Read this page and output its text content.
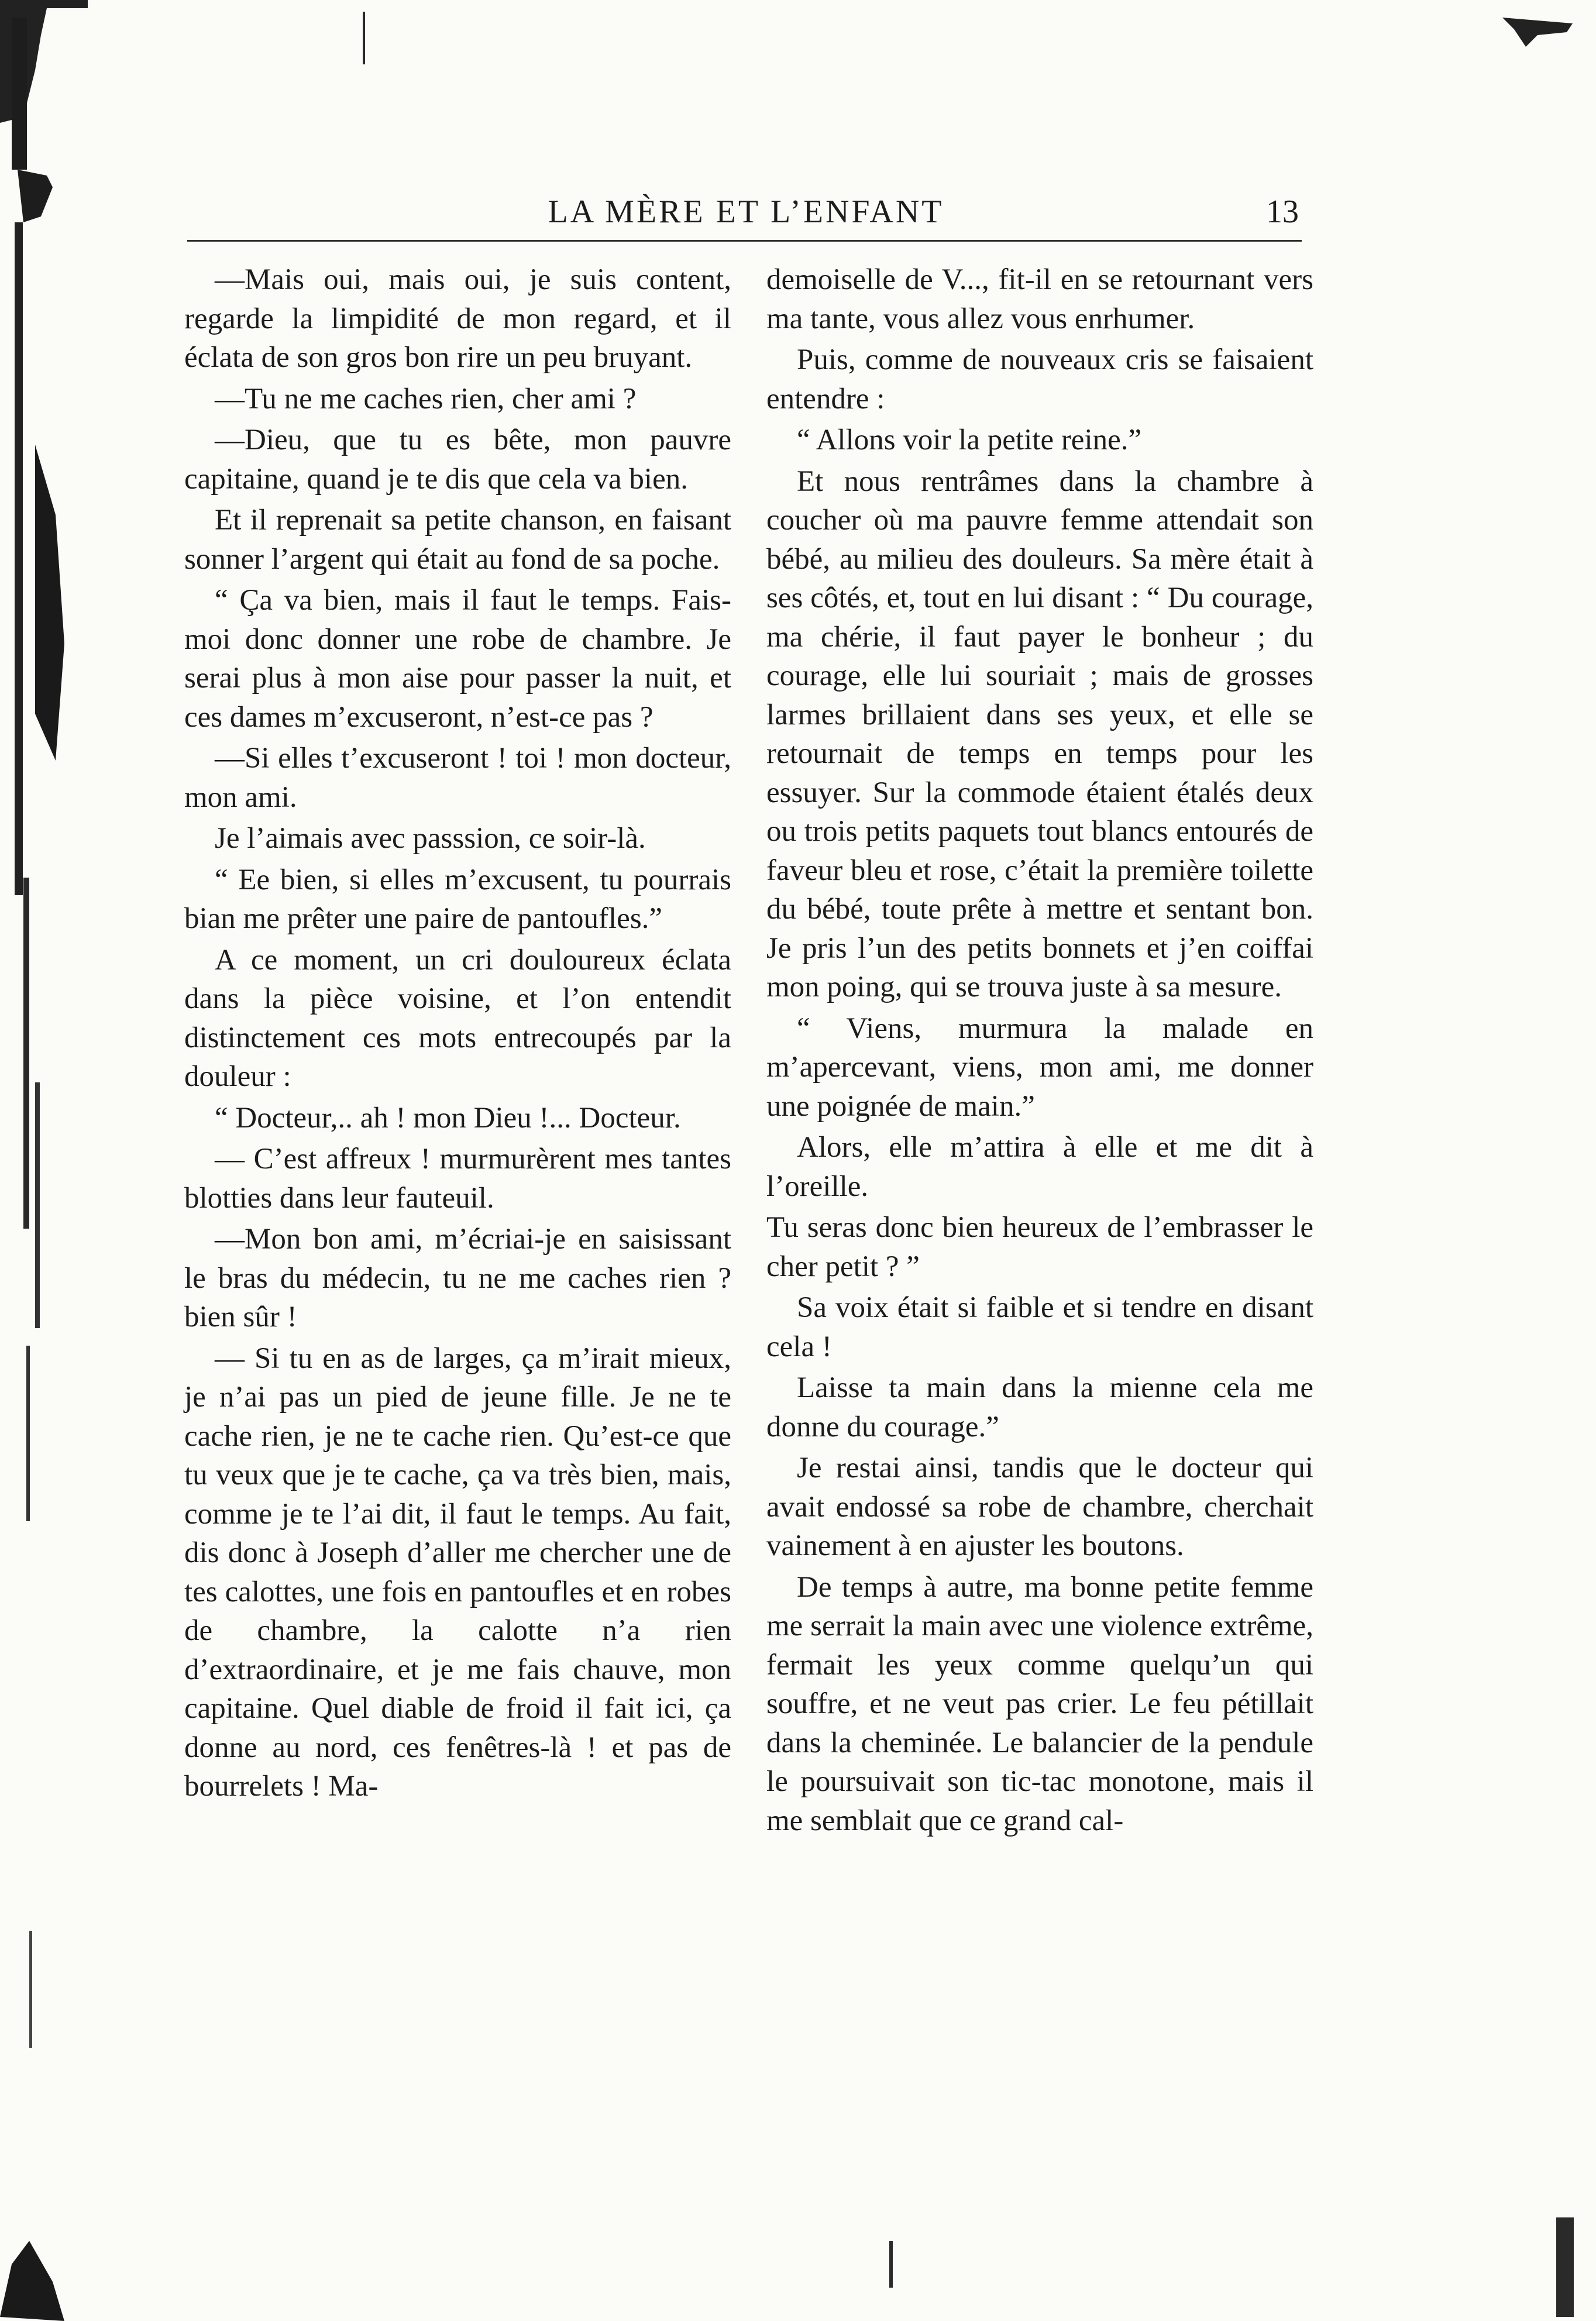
LA MÈRE ET L’ENFANT	13

—Mais oui, mais oui, je suis content, regarde la limpidité de mon regard, et il éclata de son gros bon rire un peu bruyant.

—Tu ne me caches rien, cher ami ?

—Dieu, que tu es bête, mon pauvre capitaine, quand je te dis que cela va bien.

Et il reprenait sa petite chanson, en faisant sonner l’argent qui était au fond de sa poche.

“ Ça va bien, mais il faut le temps. Fais-moi donc donner une robe de chambre. Je serai plus à mon aise pour passer la nuit, et ces dames m’excuseront, n’est-ce pas ?

—Si elles t’excuseront ! toi ! mon docteur, mon ami.

Je l’aimais avec passsion, ce soir-là.

“ Ee bien, si elles m’excusent, tu pourrais bian me prêter une paire de pantoufles.”

A ce moment, un cri douloureux éclata dans la pièce voisine, et l’on entendit distinctement ces mots entrecoupés par la douleur :

“ Docteur,.. ah ! mon Dieu !... Docteur.

— C’est affreux ! murmurèrent mes tantes blotties dans leur fauteuil.

—Mon bon ami, m’écriai-je en saisissant le bras du médecin, tu ne me caches rien ? bien sûr !

— Si tu en as de larges, ça m’irait mieux, je n’ai pas un pied de jeune fille. Je ne te cache rien, je ne te cache rien. Qu’est-ce que tu veux que je te cache, ça va très bien, mais, comme je te l’ai dit, il faut le temps. Au fait, dis donc à Joseph d’aller me chercher une de tes calottes, une fois en pantoufles et en robes de chambre, la calotte n’a rien d’extraordinaire, et je me fais chauve, mon capitaine. Quel diable de froid il fait ici, ça donne au nord, ces fenêtres-là ! et pas de bourrelets ! Ma-

demoiselle de V..., fit-il en se retournant vers ma tante, vous allez vous enrhumer.

Puis, comme de nouveaux cris se faisaient entendre :

“ Allons voir la petite reine.”

Et nous rentrâmes dans la chambre à coucher où ma pauvre femme attendait son bébé, au milieu des douleurs. Sa mère était à ses côtés, et, tout en lui disant : “ Du courage, ma chérie, il faut payer le bonheur ; du courage, elle lui souriait ; mais de grosses larmes brillaient dans ses yeux, et elle se retournait de temps en temps pour les essuyer. Sur la commode étaient étalés deux ou trois petits paquets tout blancs entourés de faveur bleu et rose, c’était la première toilette du bébé, toute prête à mettre et sentant bon. Je pris l’un des petits bonnets et j’en coiffai mon poing, qui se trouva juste à sa mesure.

“ Viens, murmura la malade en m’apercevant, viens, mon ami, me donner une poignée de main.”

Alors, elle m’attira à elle et me dit à l’oreille.

Tu seras donc bien heureux de l’embrasser le cher petit ? ”

Sa voix était si faible et si tendre en disant cela !

Laisse ta main dans la mienne cela me donne du courage.”

Je restai ainsi, tandis que le docteur qui avait endossé sa robe de chambre, cherchait vainement à en ajuster les boutons.

De temps à autre, ma bonne petite femme me serrait la main avec une violence extrême, fermait les yeux comme quelqu’un qui souffre, et ne veut pas crier. Le feu pétillait dans la cheminée. Le balancier de la pendule le poursuivait son tic-tac monotone, mais il me semblait que ce grand cal-
